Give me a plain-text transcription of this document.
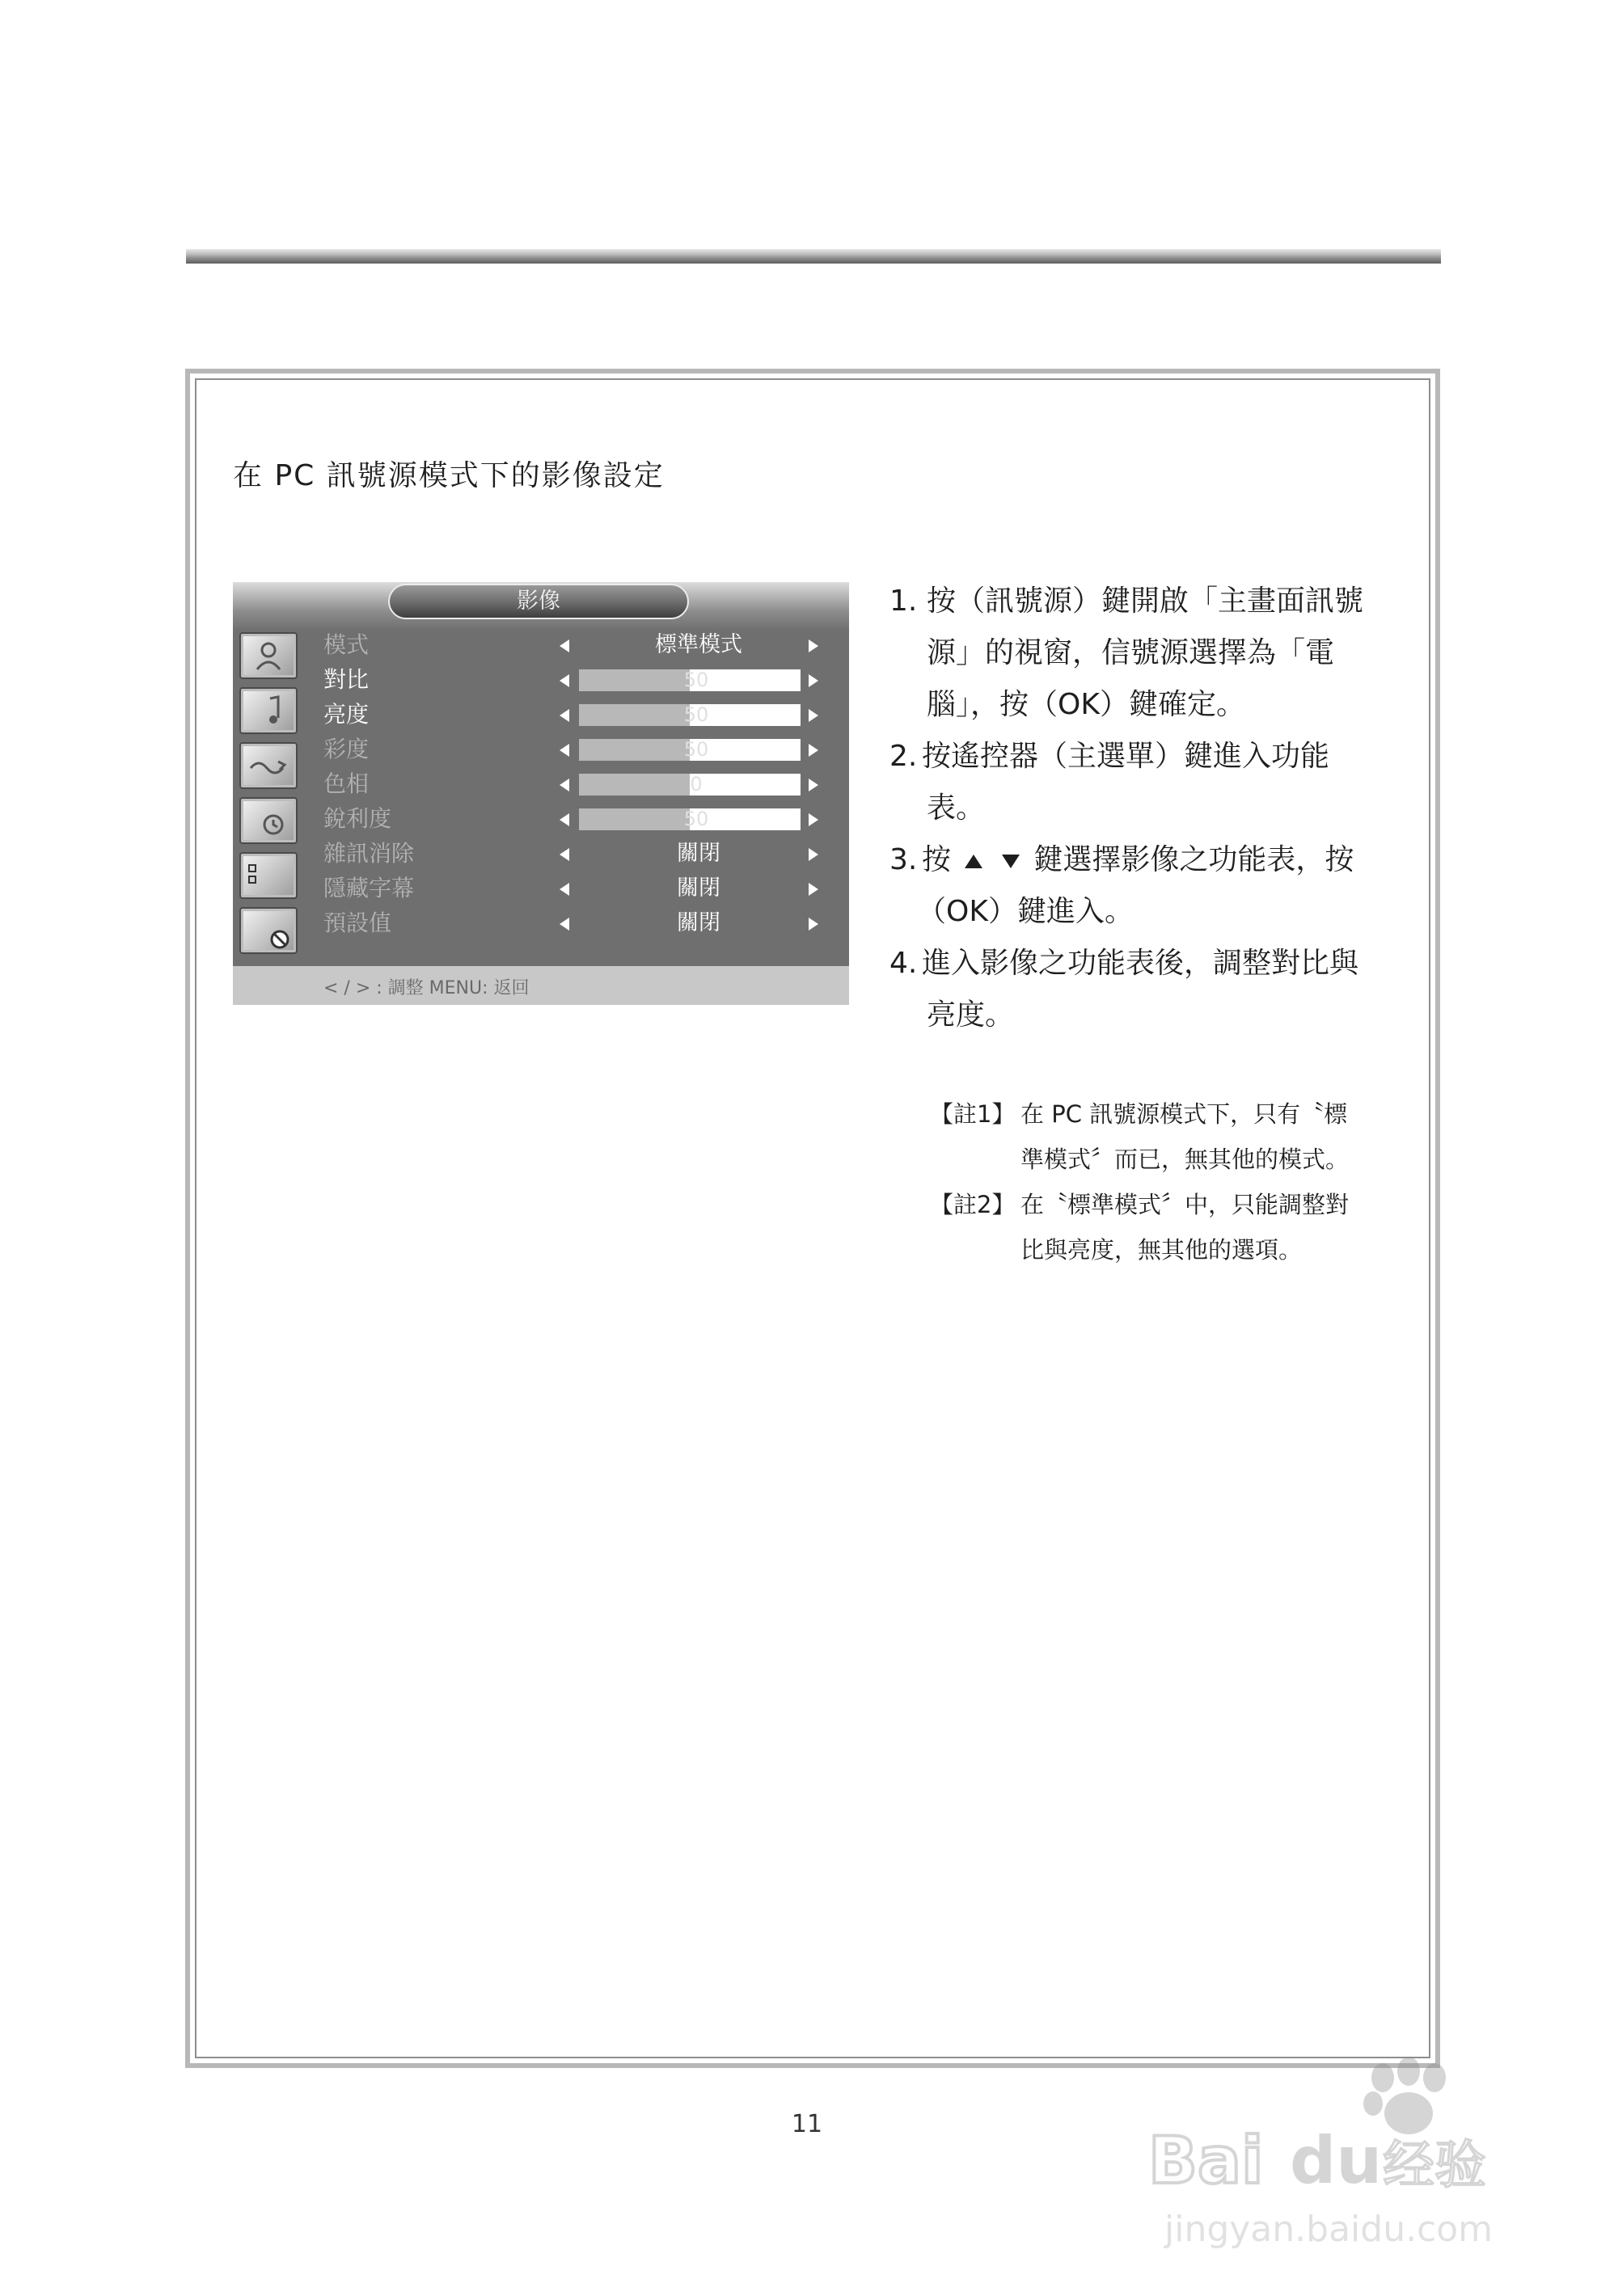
在 PC 訊號源模式下的影像設定
影像
模式	標準模式
對比	50
亮度	50
彩度	50
色相	0
銳利度	50
雜訊消除	關閉
隱藏字幕	關閉
預設值	關閉
< / > : 調整 MENU: 返回
1. 按（訊號源）鍵開啟「主畫面訊號
源」的視窗，信號源選擇為「電
腦」，按（OK）鍵確定。
2. 按遙控器（主選單）鍵進入功能
表。
3. 按	鍵選擇影像之功能表，按
（OK）鍵進入。
4. 進入影像之功能表後，調整對比與
亮度。
【註1】 在 PC 訊號源模式下，只有〝標
準模式〞而已，無其他的模式。
【註2】 在〝標準模式〞中，只能調整對
比與亮度，無其他的選項。
11	Bai du 经验
jingyan.baidu.com
